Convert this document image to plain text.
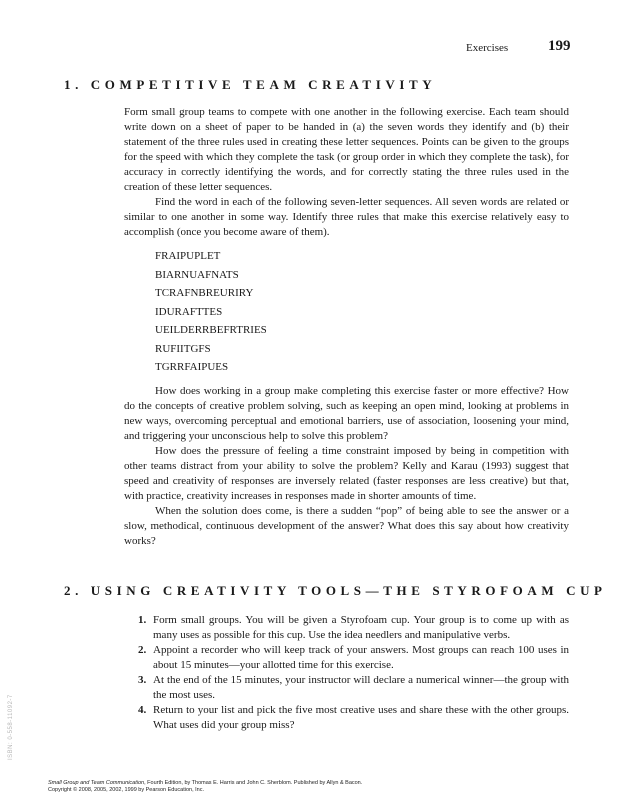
Exercises	199
1. COMPETITIVE TEAM CREATIVITY

Form small group teams to compete with one another in the following exercise. Each team should write down on a sheet of paper to be handed in (a) the seven words they identify and (b) their statement of the three rules used in creating these letter sequences. Points can be given to the groups for the speed with which they complete the task (or group order in which they complete the task), for accuracy in correctly identifying the words, and for correctly stating the three rules used in the creation of these letter sequences.

Find the word in each of the following seven-letter sequences. All seven words are related or similar to one another in some way. Identify three rules that make this exercise relatively easy to accomplish (once you become aware of them).

FRAIPUPLET
BIARNUAFNATS
TCRAFNBREURIRY
IDURAFTTES
UEILDERRBEFRTRIES
RUFIITGFS
TGRRFAIPUES

How does working in a group make completing this exercise faster or more effective? How do the concepts of creative problem solving, such as keeping an open mind, looking at problems in new ways, overcoming perceptual and emotional barriers, use of association, loosening your mind, and triggering your unconscious help to solve this problem?

How does the pressure of feeling a time constraint imposed by being in competition with other teams distract from your ability to solve the problem? Kelly and Karau (1993) suggest that speed and creativity of responses are inversely related (faster responses are less creative) but that, with practice, creativity increases in responses made in shorter amounts of time.

When the solution does come, is there a sudden “pop” of being able to see the answer or a slow, methodical, continuous development of the answer? What does this say about how creativity works?

2. USING CREATIVITY TOOLS—THE STYROFOAM CUP
1. Form small groups. You will be given a Styrofoam cup. Your group is to come up with as many uses as possible for this cup. Use the idea needlers and manipulative verbs.
2. Appoint a recorder who will keep track of your answers. Most groups can reach 100 uses in about 15 minutes—your allotted time for this exercise.
3. At the end of the 15 minutes, your instructor will declare a numerical winner—the group with the most uses.
4. Return to your list and pick the five most creative uses and share these with the other groups. What uses did your group miss?
ISBN: 0-558-11092-7
Small Group and Team Communication, Fourth Edition, by Thomas E. Harris and John C. Sherblom. Published by Allyn & Bacon.
Copyright © 2008, 2005, 2002, 1999 by Pearson Education, Inc.
